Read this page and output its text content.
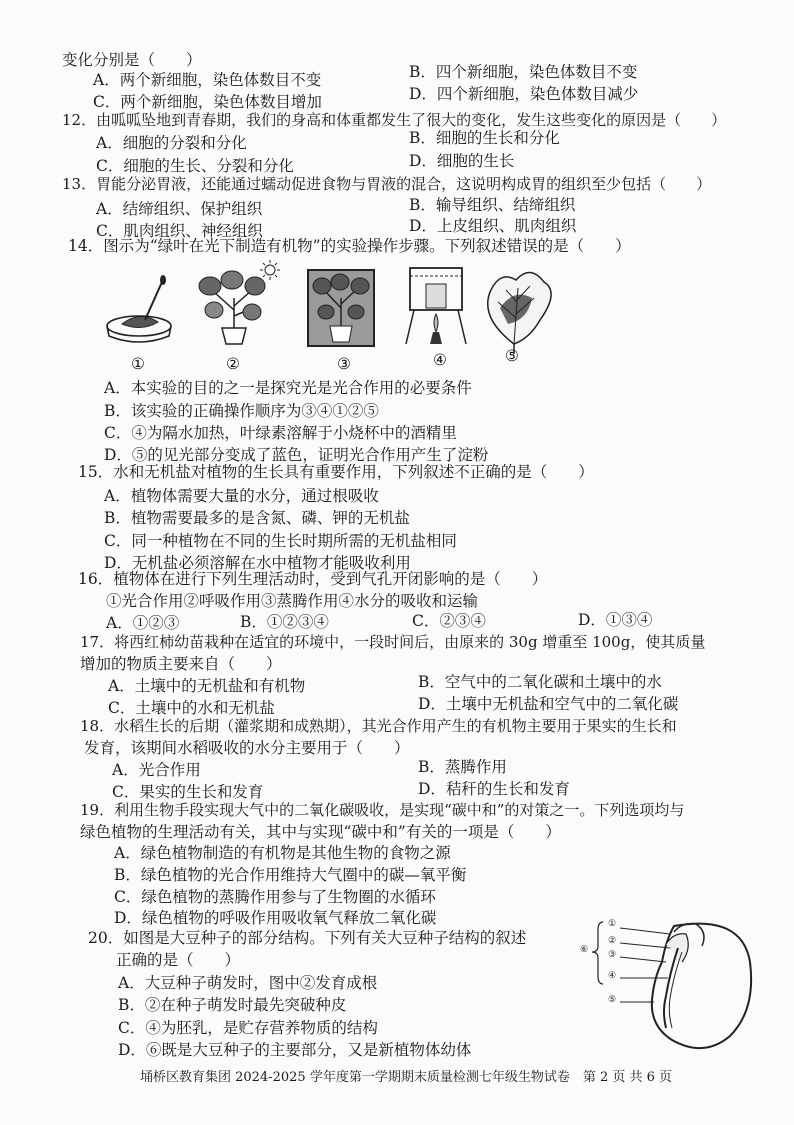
变化分别是（　　）
A．两个新细胞，染色体数目不变	B．四个新细胞，染色体数目不变
C．两个新细胞，染色体数目增加	D．四个新细胞，染色体数目减少
12．由呱呱坠地到青春期，我们的身高和体重都发生了很大的变化，发生这些变化的原因是（　　）
A．细胞的分裂和分化	B．细胞的生长和分化
C．细胞的生长、分裂和分化	D．细胞的生长
13．胃能分泌胃液，还能通过蠕动促进食物与胃液的混合，这说明构成胃的组织至少包括（　　）
A．结缔组织、保护组织	B．输导组织、结缔组织
C．肌肉组织、神经组织	D．上皮组织、肌肉组织
14．图示为“绿叶在光下制造有机物”的实验操作步骤。下列叙述错误的是（　　）
①	②	③	④	⑤
A．本实验的目的之一是探究光是光合作用的必要条件
B．该实验的正确操作顺序为③④①②⑤
C．④为隔水加热，叶绿素溶解于小烧杯中的酒精里
D．⑤的见光部分变成了蓝色，证明光合作用产生了淀粉
15．水和无机盐对植物的生长具有重要作用，下列叙述不正确的是（　　）
A．植物体需要大量的水分，通过根吸收
B．植物需要最多的是含氮、磷、钾的无机盐
C．同一种植物在不同的生长时期所需的无机盐相同
D．无机盐必须溶解在水中植物才能吸收利用
16．植物体在进行下列生理活动时，受到气孔开闭影响的是（　　）
①光合作用②呼吸作用③蒸腾作用④水分的吸收和运输
A．①②③	B．①②③④	C．②③④	D．①③④
17．将西红柿幼苗栽种在适宜的环境中，一段时间后，由原来的 30g 增重至 100g，使其质量
增加的物质主要来自（　　）
A．土壤中的无机盐和有机物	B．空气中的二氧化碳和土壤中的水
C．土壤中的水和无机盐	D．土壤中无机盐和空气中的二氧化碳
18．水稻生长的后期（灌浆期和成熟期），其光合作用产生的有机物主要用于果实的生长和
发育，该期间水稻吸收的水分主要用于（　　）
A．光合作用	B．蒸腾作用
C．果实的生长和发育	D．秸秆的生长和发育
19．利用生物手段实现大气中的二氧化碳吸收，是实现“碳中和”的对策之一。下列选项均与
绿色植物的生理活动有关，其中与实现“碳中和”有关的一项是（　　）
A．绿色植物制造的有机物是其他生物的食物之源
B．绿色植物的光合作用维持大气圈中的碳—氧平衡
C．绿色植物的蒸腾作用参与了生物圈的水循环
D．绿色植物的呼吸作用吸收氧气释放二氧化碳
20．如图是大豆种子的部分结构。下列有关大豆种子结构的叙述
正确的是（　　）
A．大豆种子萌发时，图中②发育成根
B．②在种子萌发时最先突破种皮
C．④为胚乳，是贮存营养物质的结构
D．⑥既是大豆种子的主要部分，又是新植物体幼体
①
②
③
④
⑤
⑥
埇桥区教育集团 2024-2025 学年度第一学期期末质量检测七年级生物试卷　第 2 页 共 6 页
